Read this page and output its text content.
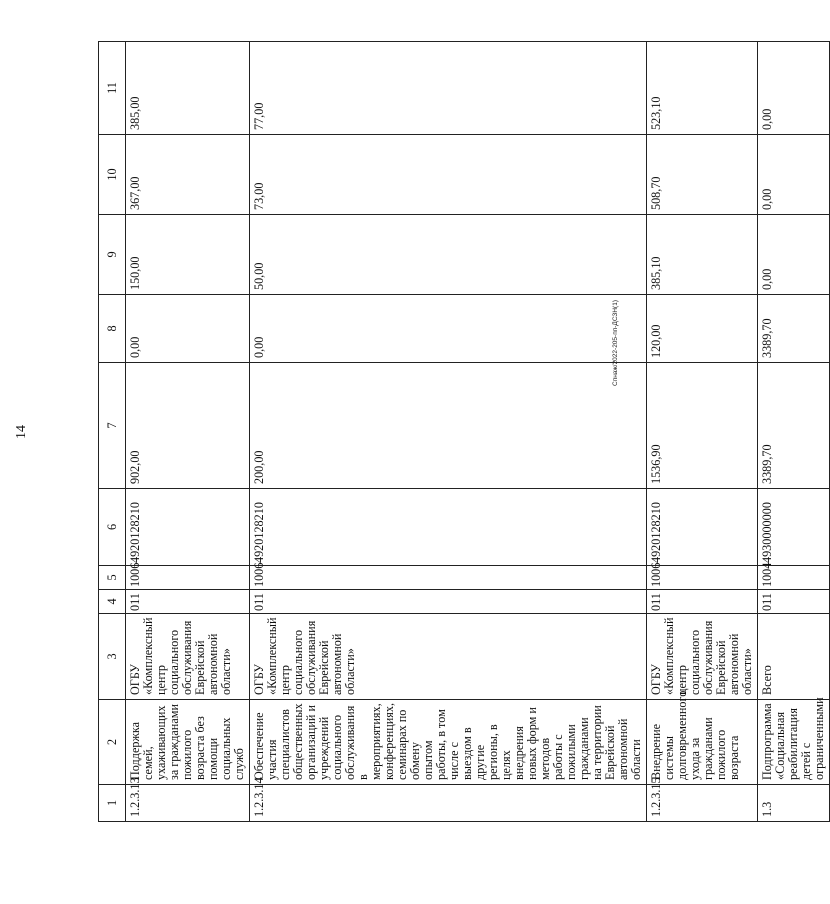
1	2	3	4	5	6	7	8	9	10	11
1.2.3.13	Поддержка семей, ухаживающих за гражданами пожилого возраста без помощи социальных служб	ОГБУ «Комплексный центр социального обслуживания Еврейской автономной области»	011	1006	4920128210	902,00	0,00	150,00	367,00	385,00
1.2.3.14	Обеспечение участия специалистов общественных организаций и учреждений социального обслуживания в мероприятиях, конференциях, семинарах по обмену опытом работы, в том числе с выездом в другие регионы, в целях внедрения новых форм и методов работы с пожилыми гражданами на территории Еврейской автономной области	ОГБУ «Комплексный центр социального обслуживания Еврейской автономной области»	011	1006	4920128210	200,00	0,00	50,00	73,00	77,00
1.2.3.15	Внедрение системы долговременного ухода за гражданами пожилого возраста	ОГБУ «Комплексный центр социального обслуживания Еврейской автономной области»	011	1006	4920128210	1536,90	120,00	385,10	508,70	523,10
1.3	Подпрограмма «Социальная реабилитация детей с ограниченными	Всего	011	1004	4930000000	3389,70	3389,70	0,00	0,00	0,00
14
Спнаж/2022-205-пп-ДСЗН(1)
